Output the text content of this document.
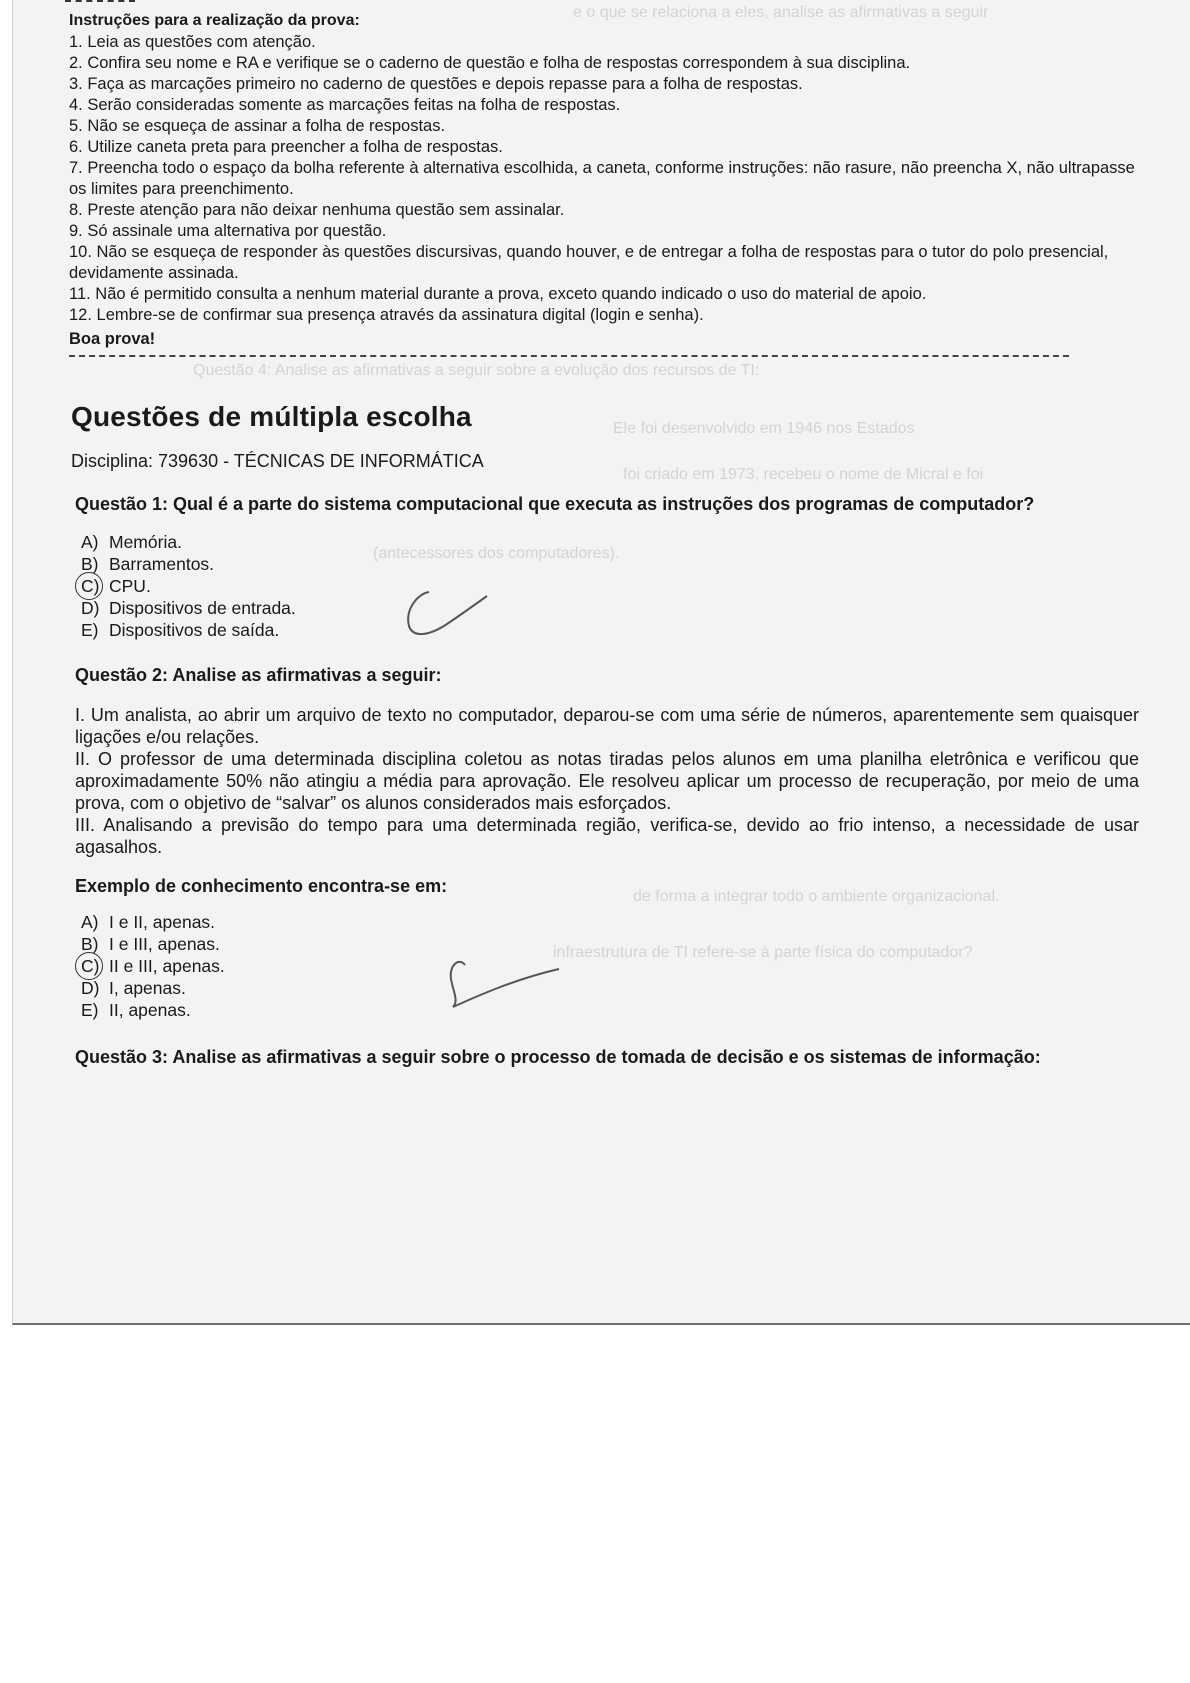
e o que se relaciona a eles, analise as afirmativas a seguir
Questão 4: Analise as afirmativas a seguir sobre a evolução dos recursos de TI:
Ele foi desenvolvido em 1946 nos Estados
foi criado em 1973, recebeu o nome de Micral e foi
(antecessores dos computadores).
de forma a integrar todo o ambiente organizacional.
infraestrutura de TI refere-se à parte física do computador?
Instruções para a realização da prova:
1. Leia as questões com atenção.
2. Confira seu nome e RA e verifique se o caderno de questão e folha de respostas correspondem à sua disciplina.
3. Faça as marcações primeiro no caderno de questões e depois repasse para a folha de respostas.
4. Serão consideradas somente as marcações feitas na folha de respostas.
5. Não se esqueça de assinar a folha de respostas.
6. Utilize caneta preta para preencher a folha de respostas.
7. Preencha todo o espaço da bolha referente à alternativa escolhida, a caneta, conforme instruções: não rasure, não preencha X, não ultrapasse os limites para preenchimento.
8. Preste atenção para não deixar nenhuma questão sem assinalar.
9. Só assinale uma alternativa por questão.
10. Não se esqueça de responder às questões discursivas, quando houver, e de entregar a folha de respostas para o tutor do polo presencial, devidamente assinada.
11. Não é permitido consulta a nenhum material durante a prova, exceto quando indicado o uso do material de apoio.
12. Lembre-se de confirmar sua presença através da assinatura digital (login e senha).
Boa prova!
Questões de múltipla escolha
Disciplina: 739630 - TÉCNICAS DE INFORMÁTICA
Questão 1: Qual é a parte do sistema computacional que executa as instruções dos programas de computador?
A) Memória.
B) Barramentos.
C) CPU.
D) Dispositivos de entrada.
E) Dispositivos de saída.
Questão 2: Analise as afirmativas a seguir:

I. Um analista, ao abrir um arquivo de texto no computador, deparou-se com uma série de números, aparentemente sem quaisquer ligações e/ou relações.

II. O professor de uma determinada disciplina coletou as notas tiradas pelos alunos em uma planilha eletrônica e verificou que aproximadamente 50% não atingiu a média para aprovação. Ele resolveu aplicar um processo de recuperação, por meio de uma prova, com o objetivo de “salvar” os alunos considerados mais esforçados.

III. Analisando a previsão do tempo para uma determinada região, verifica-se, devido ao frio intenso, a necessidade de usar agasalhos.

Exemplo de conhecimento encontra-se em:
A) I e II, apenas.
B) I e III, apenas.
C) II e III, apenas.
D) I, apenas.
E) II, apenas.
Questão 3: Analise as afirmativas a seguir sobre o processo de tomada de decisão e os sistemas de informação:
